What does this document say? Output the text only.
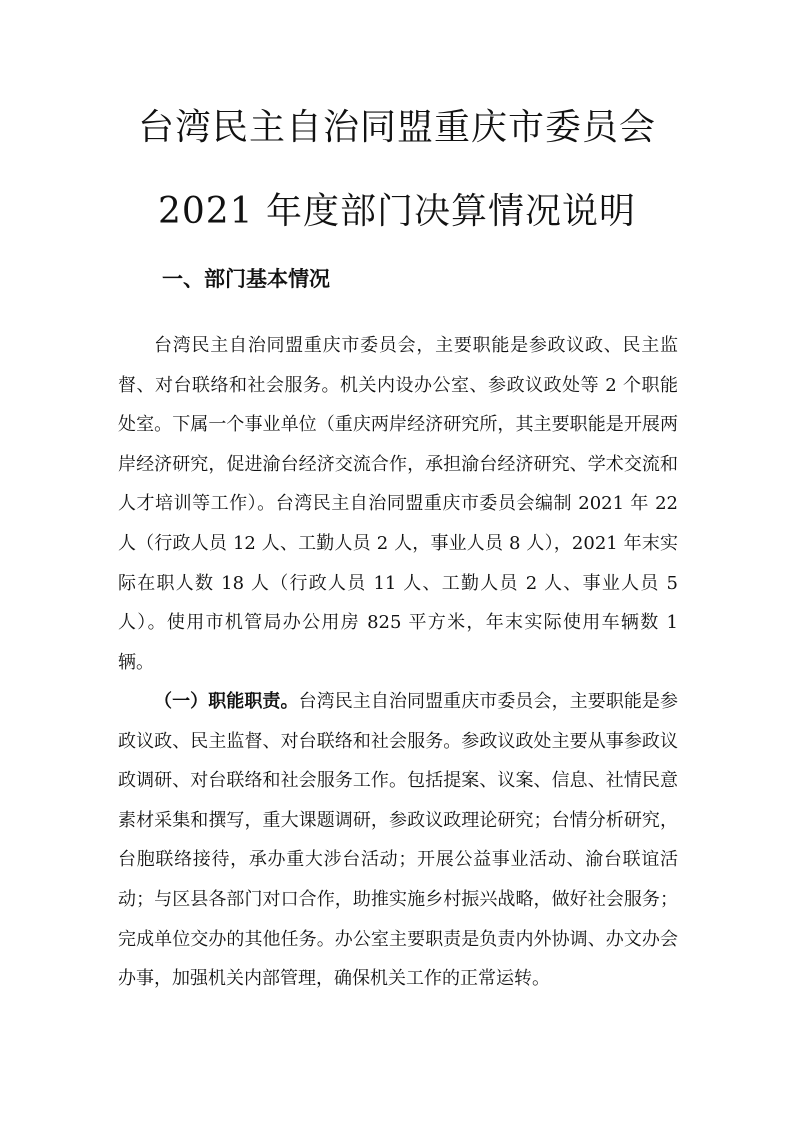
台湾民主自治同盟重庆市委员会
2021 年度部门决算情况说明
一、部门基本情况

台湾民主自治同盟重庆市委员会，主要职能是参政议政、民主监督、对台联络和社会服务。机关内设办公室、参政议政处等 2 个职能处室。下属一个事业单位（重庆两岸经济研究所，其主要职能是开展两岸经济研究，促进渝台经济交流合作，承担渝台经济研究、学术交流和人才培训等工作）。台湾民主自治同盟重庆市委员会编制 2021 年 22 人（行政人员 12 人、工勤人员 2 人，事业人员 8 人），2021 年末实际在职人数 18 人（行政人员 11 人、工勤人员 2 人、事业人员 5 人）。使用市机管局办公用房 825 平方米，年末实际使用车辆数 1 辆。

（一）职能职责。台湾民主自治同盟重庆市委员会，主要职能是参政议政、民主监督、对台联络和社会服务。参政议政处主要从事参政议政调研、对台联络和社会服务工作。包括提案、议案、信息、社情民意素材采集和撰写，重大课题调研，参政议政理论研究；台情分析研究，台胞联络接待，承办重大涉台活动；开展公益事业活动、渝台联谊活动；与区县各部门对口合作，助推实施乡村振兴战略，做好社会服务；完成单位交办的其他任务。办公室主要职责是负责内外协调、办文办会办事，加强机关内部管理，确保机关工作的正常运转。
